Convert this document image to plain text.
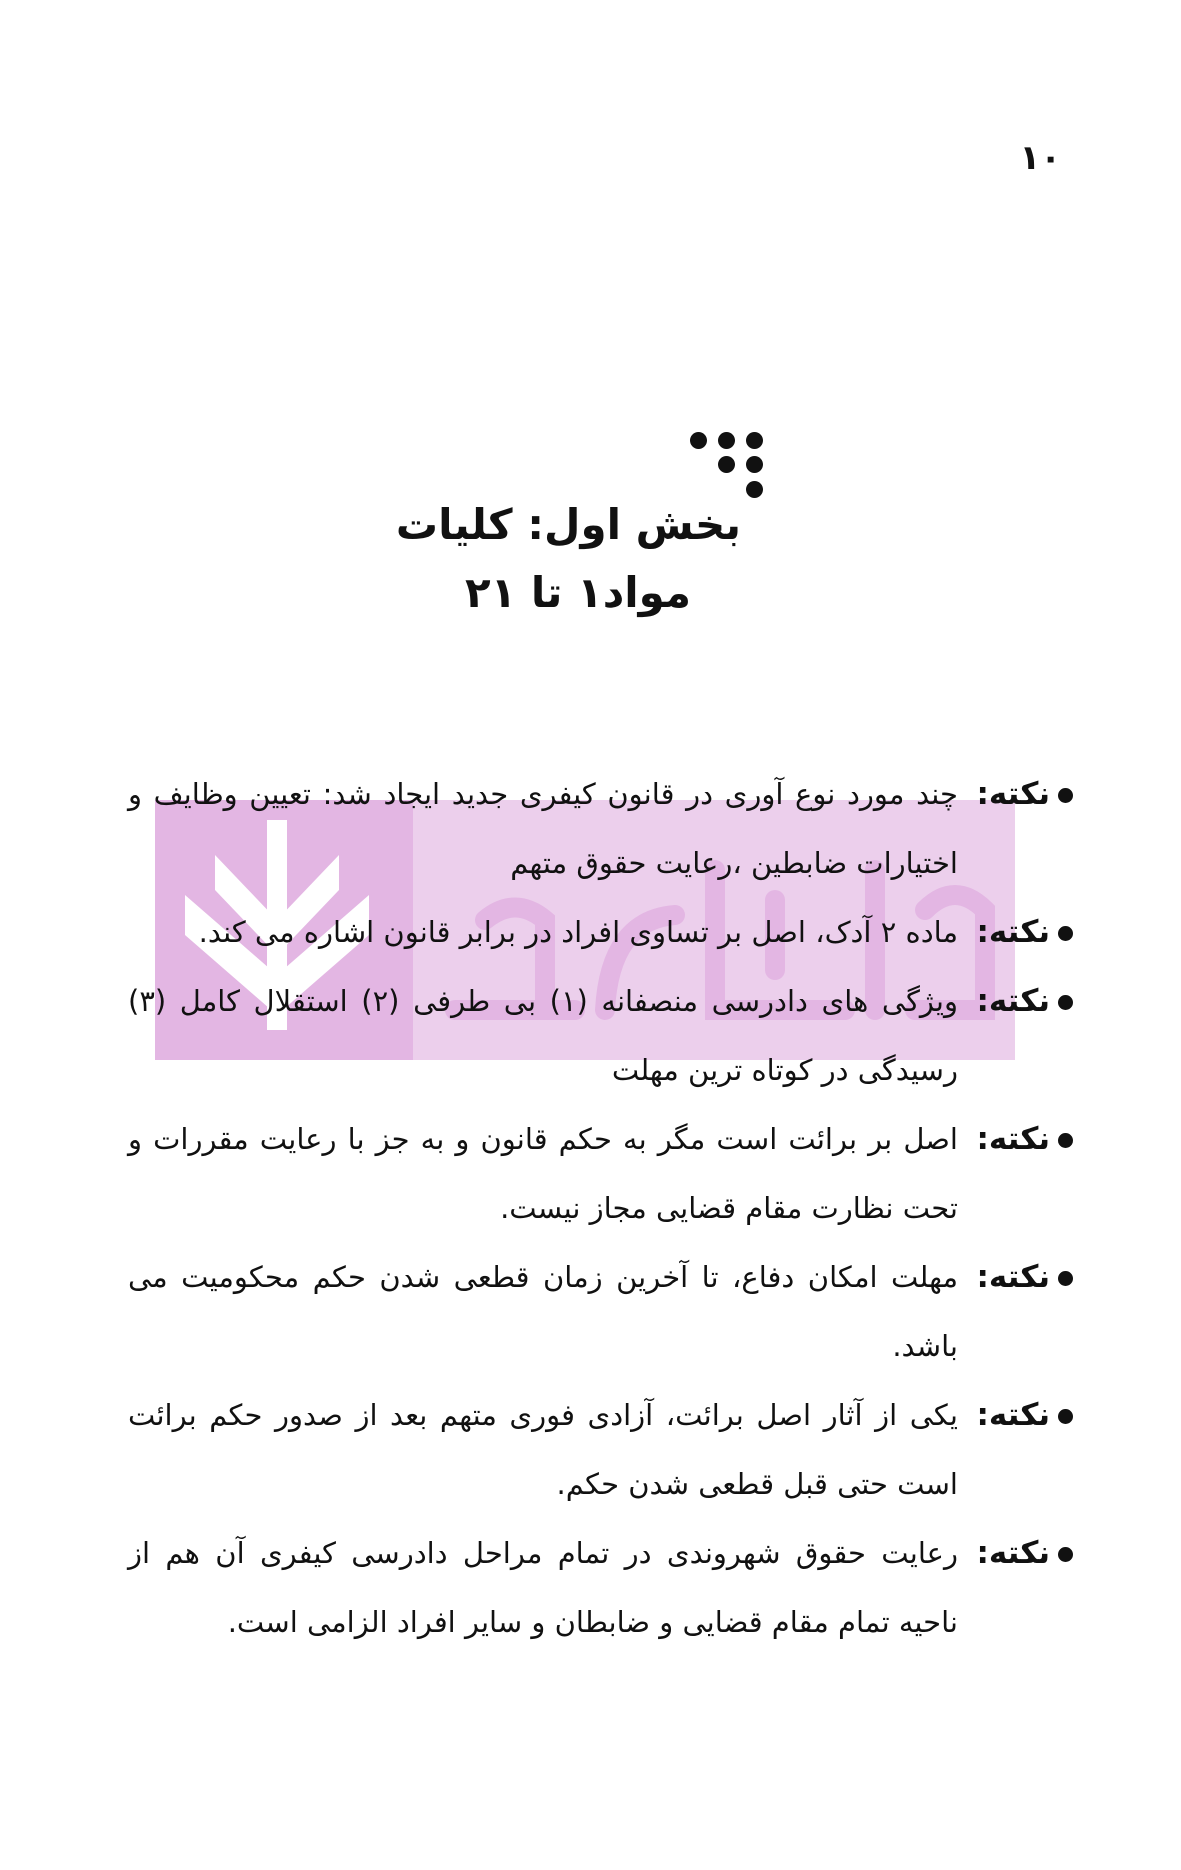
۱۰
بخش اول: کلیات
مواد۱ تا ۲۱
نکته:
چند مورد نوع آوری در قانون کیفری جدید ایجاد شد: تعیین وظایف و اختیارات ضابطین ،رعایت حقوق متهم
نکته:
ماده ۲ آدک، اصل بر تساوی افراد در برابر قانون اشاره می کند.
نکته:
ویژگی های دادرسی منصفانه (۱) بی طرفی (۲) استقلال کامل (۳) رسیدگی در کوتاه ترین مهلت
نکته:
اصل بر برائت است مگر به حکم قانون و به جز با رعایت مقررات و تحت نظارت مقام قضایی مجاز نیست.
نکته:
مهلت امکان دفاع، تا آخرین زمان قطعی شدن حکم محکومیت می باشد.
نکته:
یکی از آثار اصل برائت، آزادی فوری متهم بعد از صدور حکم برائت است حتی قبل قطعی شدن حکم.
نکته:
رعایت حقوق شهروندی در تمام مراحل دادرسی کیفری آن هم از ناحیه تمام مقام قضایی و ضابطان و سایر افراد الزامی است.
